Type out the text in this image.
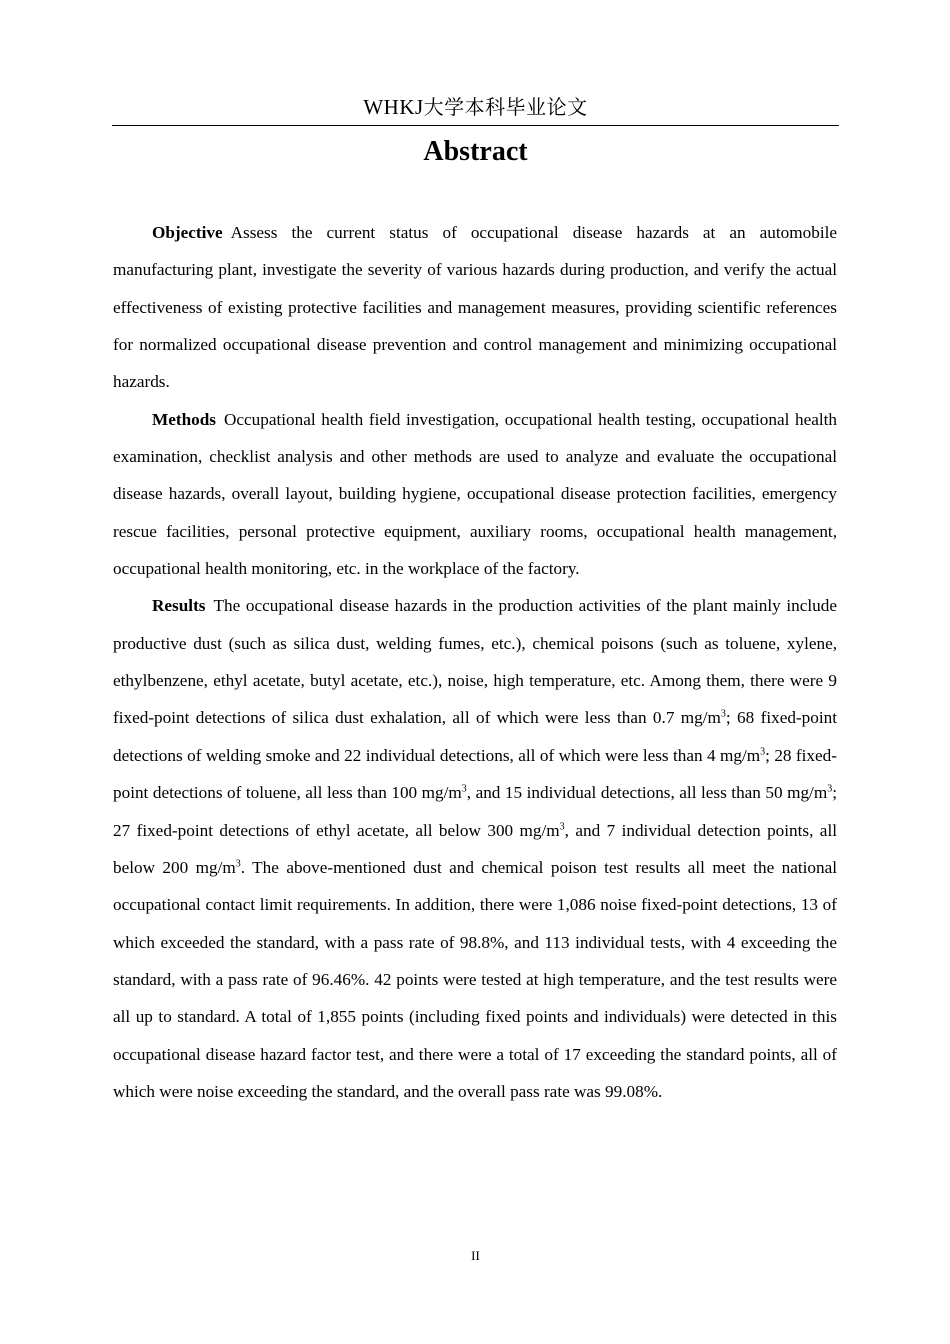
WHKJ大学本科毕业论文
Abstract

Objective Assess the current status of occupational disease hazards at an automobile manufacturing plant, investigate the severity of various hazards during production, and verify the actual effectiveness of existing protective facilities and management measures, providing scientific references for normalized occupational disease prevention and control management and minimizing occupational hazards.

Methods Occupational health field investigation, occupational health testing, occupational health examination, checklist analysis and other methods are used to analyze and evaluate the occupational disease hazards, overall layout, building hygiene, occupational disease protection facilities, emergency rescue facilities, personal protective equipment, auxiliary rooms, occupational health management, occupational health monitoring, etc. in the workplace of the factory.

Results The occupational disease hazards in the production activities of the plant mainly include productive dust (such as silica dust, welding fumes, etc.), chemical poisons (such as toluene, xylene, ethylbenzene, ethyl acetate, butyl acetate, etc.), noise, high temperature, etc. Among them, there were 9 fixed-point detections of silica dust exhalation, all of which were less than 0.7 $mg/m^3$; 68 fixed-point detections of welding smoke and 22 individual detections, all of which were less than 4 $mg/m^3$; 28 fixed-point detections of toluene, all less than 100 $mg/m^3$, and 15 individual detections, all less than 50 $mg/m^3$; 27 fixed-point detections of ethyl acetate, all below 300 $mg/m^3$, and 7 individual detection points, all below 200 $mg/m^3$. The above-mentioned dust and chemical poison test results all meet the national occupational contact limit requirements. In addition, there were 1,086 noise fixed-point detections, 13 of which exceeded the standard, with a pass rate of 98.8%, and 113 individual tests, with 4 exceeding the standard, with a pass rate of 96.46%. 42 points were tested at high temperature, and the test results were all up to standard. A total of 1,855 points (including fixed points and individuals) were detected in this occupational disease hazard factor test, and there were a total of 17 exceeding the standard points, all of which were noise exceeding the standard, and the overall pass rate was 99.08%.

II
